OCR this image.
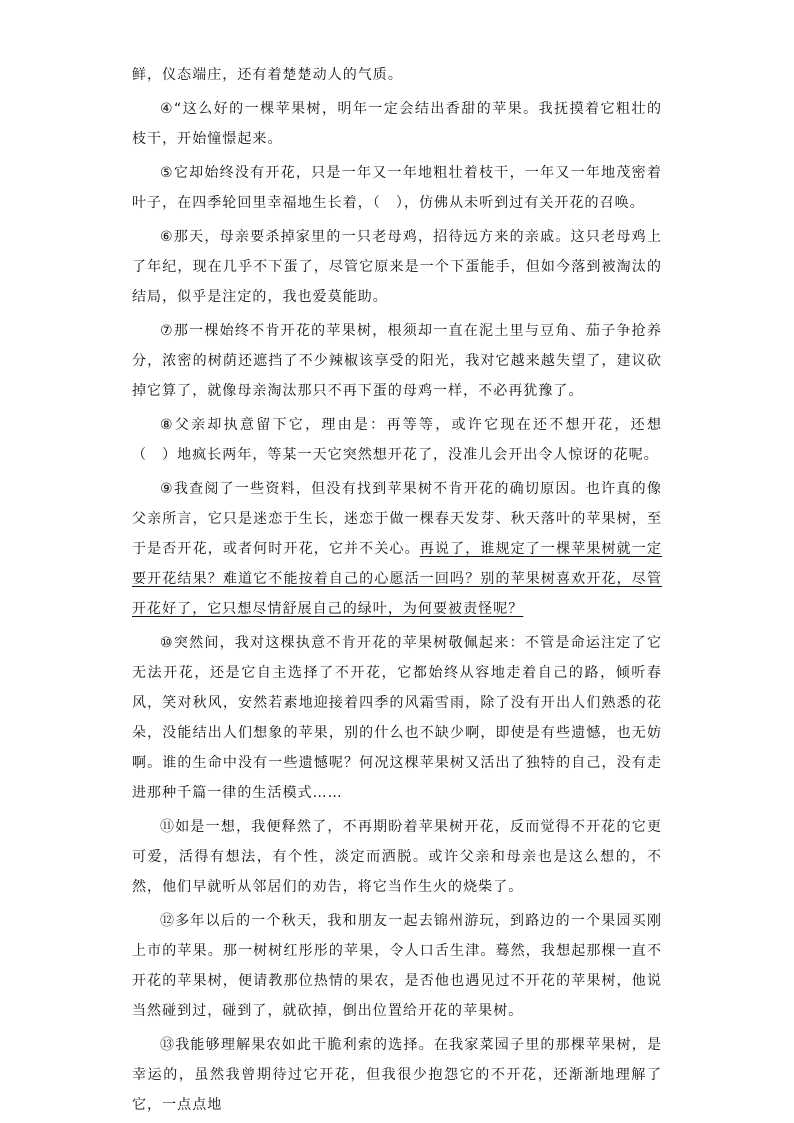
鲜，仪态端庄，还有着楚楚动人的气质。

④“这么好的一棵苹果树，明年一定会结出香甜的苹果。我抚摸着它粗壮的枝干，开始憧憬起来。

⑤它却始终没有开花，只是一年又一年地粗壮着枝干，一年又一年地茂密着叶子，在四季轮回里幸福地生长着，（　），仿佛从未听到过有关开花的召唤。

⑥那天，母亲要杀掉家里的一只老母鸡，招待远方来的亲戚。这只老母鸡上了年纪，现在几乎不下蛋了，尽管它原来是一个下蛋能手，但如今落到被淘汰的结局，似乎是注定的，我也爱莫能助。

⑦那一棵始终不肯开花的苹果树，根须却一直在泥土里与豆角、茄子争抢养分，浓密的树荫还遮挡了不少辣椒该享受的阳光，我对它越来越失望了，建议砍掉它算了，就像母亲淘汰那只不再下蛋的母鸡一样，不必再犹豫了。

⑧父亲却执意留下它，理由是：再等等，或许它现在还不想开花，还想（　）地疯长两年，等某一天它突然想开花了，没准儿会开出令人惊讶的花呢。

⑨我查阅了一些资料，但没有找到苹果树不肯开花的确切原因。也许真的像父亲所言，它只是迷恋于生长，迷恋于做一棵春天发芽、秋天落叶的苹果树，至于是否开花，或者何时开花，它并不关心。再说了，谁规定了一棵苹果树就一定要开花结果？难道它不能按着自己的心愿活一回吗？别的苹果树喜欢开花，尽管开花好了，它只想尽情舒展自己的绿叶，为何要被责怪呢？

⑩突然间，我对这棵执意不肯开花的苹果树敬佩起来：不管是命运注定了它无法开花，还是它自主选择了不开花，它都始终从容地走着自己的路，倾听春风，笑对秋风，安然若素地迎接着四季的风霜雪雨，除了没有开出人们熟悉的花朵，没能结出人们想象的苹果，别的什么也不缺少啊，即使是有些遗憾，也无妨啊。谁的生命中没有一些遗憾呢？何况这棵苹果树又活出了独特的自己，没有走进那种千篇一律的生活模式……

⑪如是一想，我便释然了，不再期盼着苹果树开花，反而觉得不开花的它更可爱，活得有想法，有个性，淡定而洒脱。或许父亲和母亲也是这么想的，不然，他们早就听从邻居们的劝告，将它当作生火的烧柴了。

⑫多年以后的一个秋天，我和朋友一起去锦州游玩，到路边的一个果园买刚上市的苹果。那一树树红彤彤的苹果，令人口舌生津。蓦然，我想起那棵一直不开花的苹果树，便请教那位热情的果农，是否他也遇见过不开花的苹果树，他说当然碰到过，碰到了，就砍掉，倒出位置给开花的苹果树。

⑬我能够理解果农如此干脆利索的选择。在我家菜园子里的那棵苹果树，是幸运的，虽然我曾期待过它开花，但我很少抱怨它的不开花，还渐渐地理解了它，一点点地
